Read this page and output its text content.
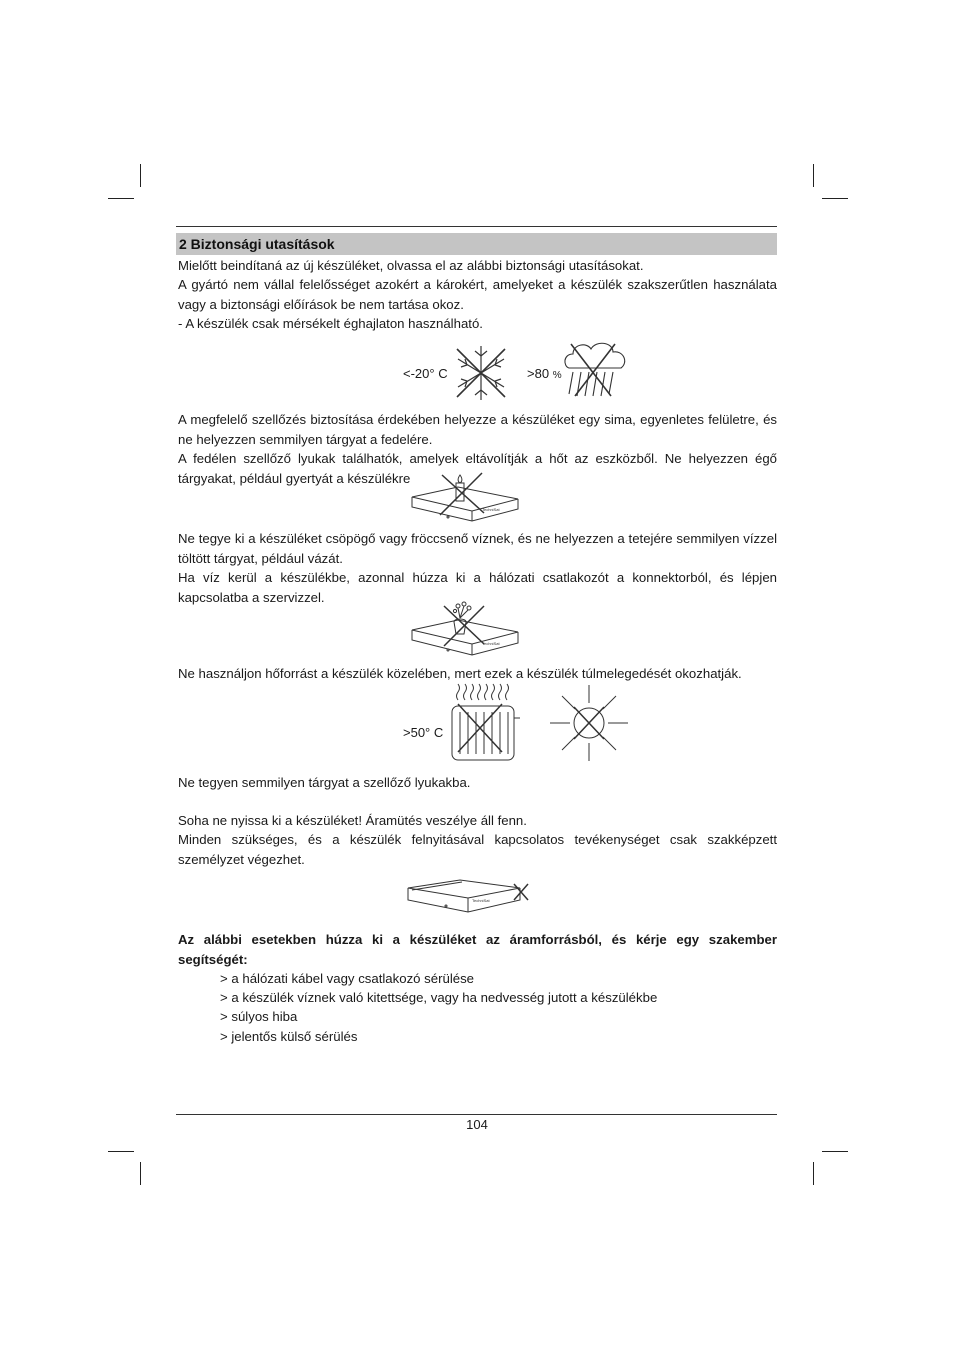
2 Biztonsági utasítások

Mielőtt beindítaná az új készüléket, olvassa el az alábbi biztonsági utasításokat.

A gyártó nem vállal felelősséget azokért a károkért, amelyeket a készülék szakszerűtlen használata vagy a biztonsági előírások be nem tartása okoz.

- A készülék csak mérsékelt éghajlaton használható.

<-20° C	>80 %

A megfelelő szellőzés biztosítása érdekében helyezze a készüléket egy sima, egyenletes felületre, és ne helyezzen semmilyen tárgyat a fedelére.

A fedélen szellőző lyukak találhatók, amelyek eltávolítják a hőt az eszközből. Ne helyezzen égő tárgyakat, például gyertyát a készülékre

TechniSat

Ne tegye ki a készüléket csöpögő vagy fröccsenő víznek, és ne helyezzen a tetejére semmilyen vízzel töltött tárgyat, például vázát.

Ha víz kerül a készülékbe, azonnal húzza ki a hálózati csatlakozót a konnektorból, és lépjen kapcsolatba a szervizzel.

TechniSat

Ne használjon hőforrást a készülék közelében, mert ezek a készülék túlmelegedését okozhatják.

>50° C

Ne tegyen semmilyen tárgyat a szellőző lyukakba.

Soha ne nyissa ki a készüléket! Áramütés veszélye áll fenn.

Minden szükséges, és a készülék felnyitásával kapcsolatos tevékenységet csak szakképzett személyzet végezhet.

TechniSat

Az alábbi esetekben húzza ki a készüléket az áramforrásból, és kérje egy szakember segítségét:

> a hálózati kábel vagy csatlakozó sérülése

> a készülék víznek való kitettsége, vagy ha nedvesség jutott a készülékbe

> súlyos hiba

> jelentős külső sérülés

104
